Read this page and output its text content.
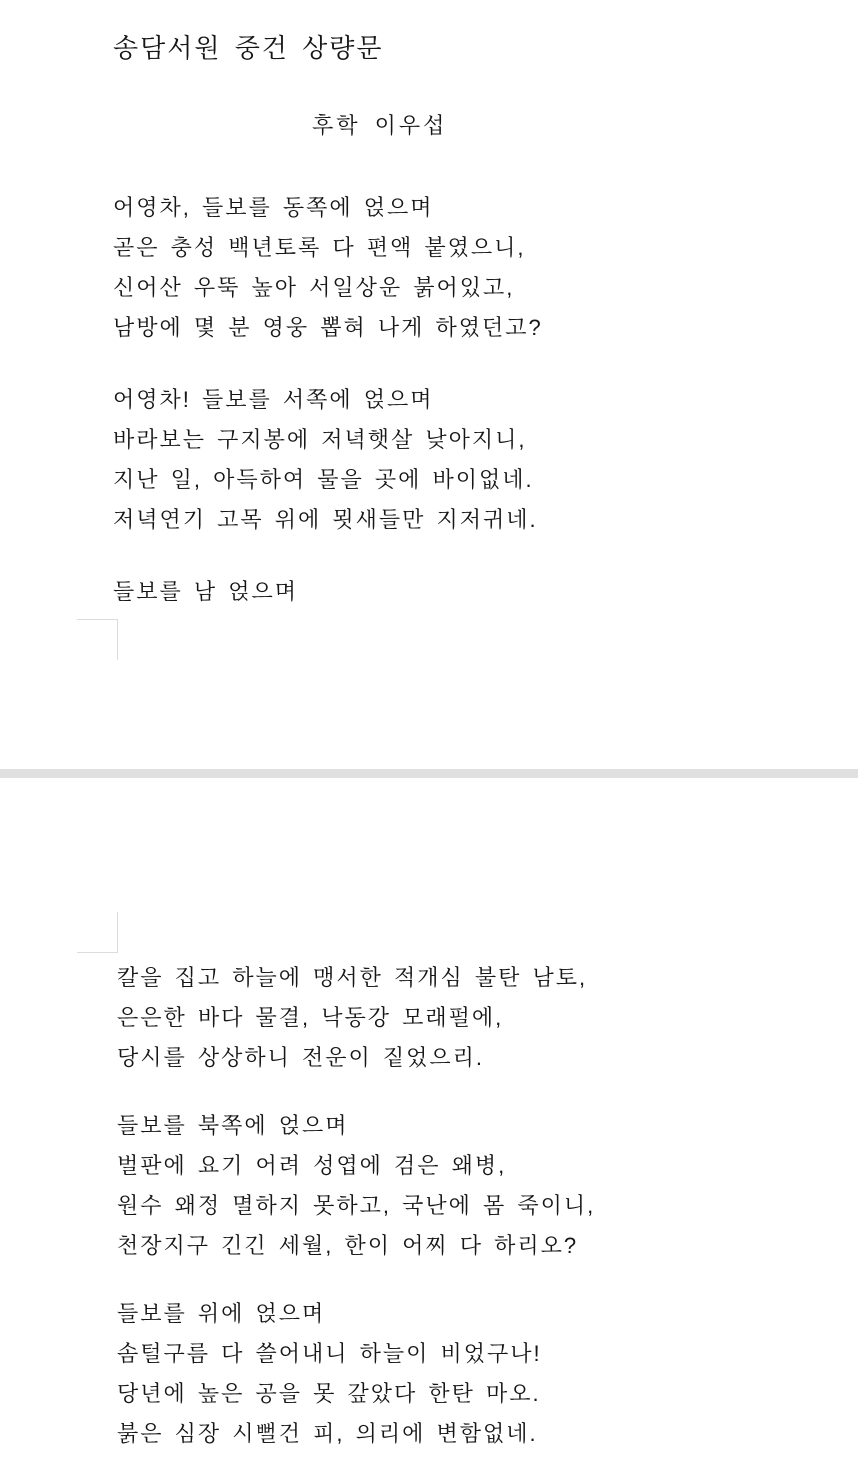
송담서원 중건 상량문
후학 이우섭
어영차, 들보를 동쪽에 얹으며
곧은 충성 백년토록 다 편액 붙였으니,
신어산 우뚝 높아 서일상운 붉어있고,
남방에 몇 분 영웅 뽑혀 나게 하였던고?
어영차! 들보를 서쪽에 얹으며
바라보는 구지봉에 저녁햇살 낮아지니,
지난 일, 아득하여 물을 곳에 바이없네.
저녁연기 고목 위에 묏새들만 지저귀네.
들보를 남 얹으며
칼을 집고 하늘에 맹서한 적개심 불탄 남토,
은은한 바다 물결, 낙동강 모래펄에,
당시를 상상하니 전운이 짙었으리.
들보를 북쪽에 얹으며
벌판에 요기 어려 성엽에 검은 왜병,
원수 왜정 멸하지 못하고, 국난에 몸 죽이니,
천장지구 긴긴 세월, 한이 어찌 다 하리오?
들보를 위에 얹으며
솜털구름 다 쓸어내니 하늘이 비었구나!
당년에 높은 공을 못 갚았다 한탄 마오.
붉은 심장 시뻘건 피, 의리에 변함없네.
